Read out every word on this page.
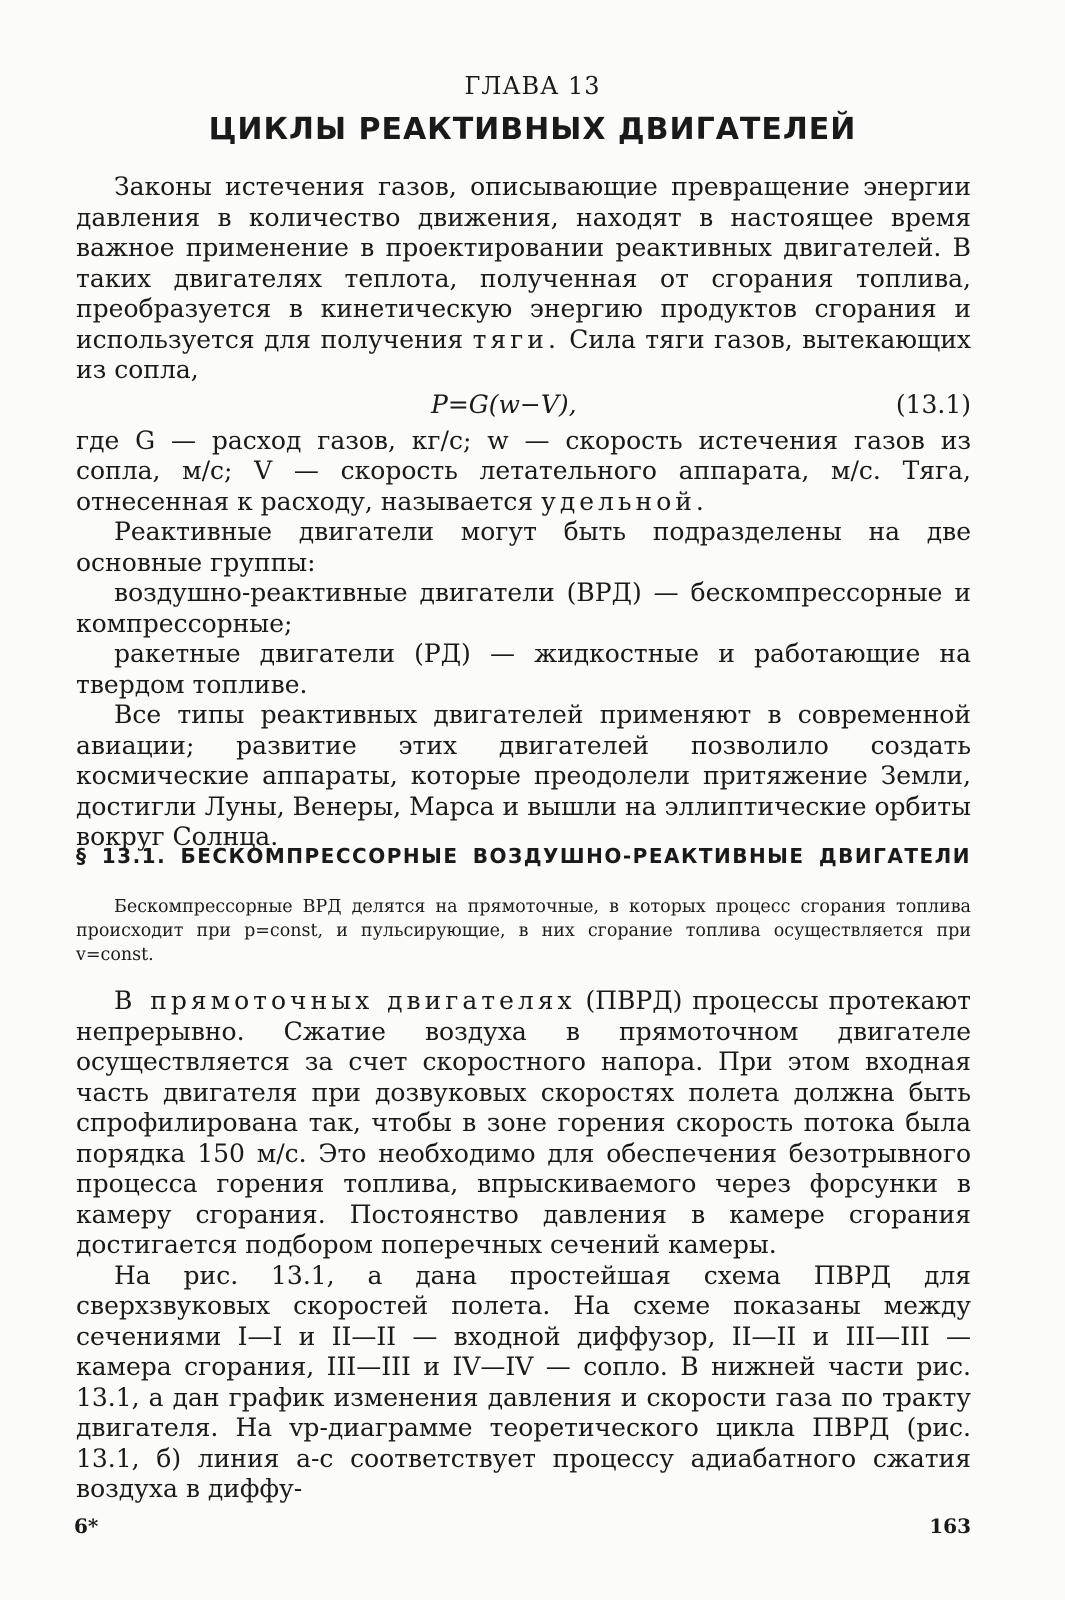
ГЛАВА 13
ЦИКЛЫ РЕАКТИВНЫХ ДВИГАТЕЛЕЙ

Законы истечения газов, описывающие превращение энергии давления в количество движения, находят в настоящее время важное применение в проектировании реактивных двигателей. В таких двигателях теплота, полученная от сгорания топлива, преобразуется в кинетическую энергию продуктов сгорания и используется для получения тяги. Сила тяги газов, вытекающих из сопла,

P=G(w−V),	(13.1)

где G — расход газов, кг/с; w — скорость истечения газов из сопла, м/с; V — скорость летательного аппарата, м/с. Тяга, отнесенная к расходу, называется удельной.

Реактивные двигатели могут быть подразделены на две основные группы:

воздушно-реактивные двигатели (ВРД) — бескомпрессорные и компрессорные;

ракетные двигатели (РД) — жидкостные и работающие на твердом топливе.

Все типы реактивных двигателей применяют в современной авиации; развитие этих двигателей позволило создать космические аппараты, которые преодолели притяжение Земли, достигли Луны, Венеры, Марса и вышли на эллиптические орбиты вокруг Солнца.

§ 13.1. БЕСКОМПРЕССОРНЫЕ ВОЗДУШНО-РЕАКТИВНЫЕ ДВИГАТЕЛИ

Бескомпрессорные ВРД делятся на прямоточные, в которых процесс сгорания топлива происходит при p=const, и пульсирующие, в них сгорание топлива осуществляется при v=const.

В прямоточных двигателях (ПВРД) процессы протекают непрерывно. Сжатие воздуха в прямоточном двигателе осуществляется за счет скоростного напора. При этом входная часть двигателя при дозвуковых скоростях полета должна быть спрофилирована так, чтобы в зоне горения скорость потока была порядка 150 м/с. Это необходимо для обеспечения безотрывного процесса горения топлива, впрыскиваемого через форсунки в камеру сгорания. Постоянство давления в камере сгорания достигается подбором поперечных сечений камеры.

На рис. 13.1, а дана простейшая схема ПВРД для сверхзвуковых скоростей полета. На схеме показаны между сечениями I—I и II—II — входной диффузор, II—II и III—III — камера сгорания, III—III и IV—IV — сопло. В нижней части рис. 13.1, а дан график изменения давления и скорости газа по тракту двигателя. На vp-диаграмме теоретического цикла ПВРД (рис. 13.1, б) линия а-с соответствует процессу адиабатного сжатия воздуха в диффу-

6*	163
